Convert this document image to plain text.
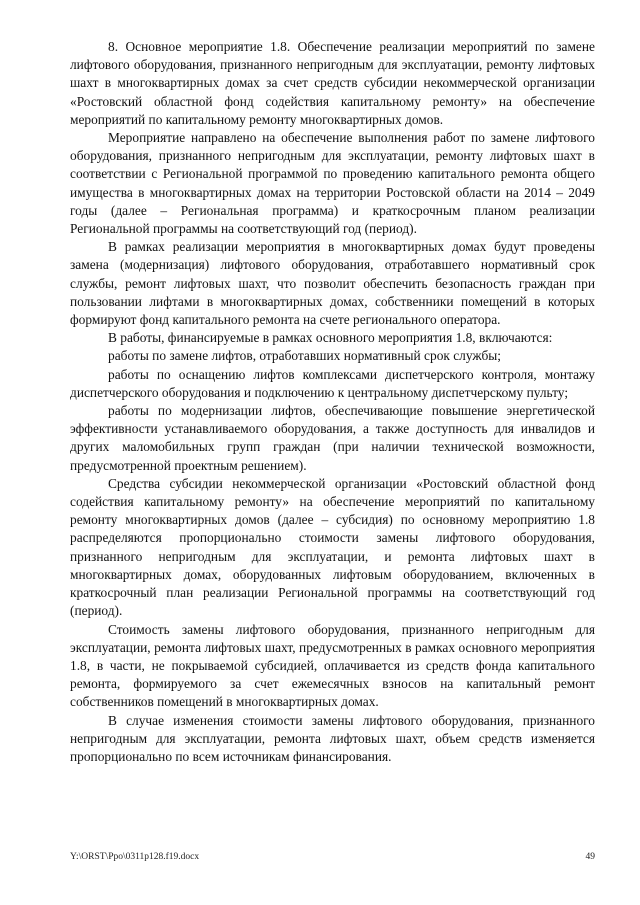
8. Основное мероприятие 1.8. Обеспечение реализации мероприятий по замене лифтового оборудования, признанного непригодным для эксплуатации, ремонту лифтовых шахт в многоквартирных домах за счет средств субсидии некоммерческой организации «Ростовский областной фонд содействия капитальному ремонту» на обеспечение мероприятий по капитальному ремонту многоквартирных домов.

Мероприятие направлено на обеспечение выполнения работ по замене лифтового оборудования, признанного непригодным для эксплуатации, ремонту лифтовых шахт в соответствии с Региональной программой по проведению капитального ремонта общего имущества в многоквартирных домах на территории Ростовской области на 2014 – 2049 годы (далее – Региональная программа) и краткосрочным планом реализации Региональной программы на соответствующий год (период).

В рамках реализации мероприятия в многоквартирных домах будут проведены замена (модернизация) лифтового оборудования, отработавшего нормативный срок службы, ремонт лифтовых шахт, что позволит обеспечить безопасность граждан при пользовании лифтами в многоквартирных домах, собственники помещений в которых формируют фонд капитального ремонта на счете регионального оператора.

В работы, финансируемые в рамках основного мероприятия 1.8, включаются:

работы по замене лифтов, отработавших нормативный срок службы;

работы по оснащению лифтов комплексами диспетчерского контроля, монтажу диспетчерского оборудования и подключению к центральному диспетчерскому пульту;

работы по модернизации лифтов, обеспечивающие повышение энергетической эффективности устанавливаемого оборудования, а также доступность для инвалидов и других маломобильных групп граждан (при наличии технической возможности, предусмотренной проектным решением).

Средства субсидии некоммерческой организации «Ростовский областной фонд содействия капитальному ремонту» на обеспечение мероприятий по капитальному ремонту многоквартирных домов (далее – субсидия) по основному мероприятию 1.8 распределяются пропорционально стоимости замены лифтового оборудования, признанного непригодным для эксплуатации, и ремонта лифтовых шахт в многоквартирных домах, оборудованных лифтовым оборудованием, включенных в краткосрочный план реализации Региональной программы на соответствующий год (период).

Стоимость замены лифтового оборудования, признанного непригодным для эксплуатации, ремонта лифтовых шахт, предусмотренных в рамках основного мероприятия 1.8, в части, не покрываемой субсидией, оплачивается из средств фонда капитального ремонта, формируемого за счет ежемесячных взносов на капитальный ремонт собственников помещений в многоквартирных домах.

В случае изменения стоимости замены лифтового оборудования, признанного непригодным для эксплуатации, ремонта лифтовых шахт, объем средств изменяется пропорционально по всем источникам финансирования.

Y:\ORST\Ppo\0311p128.f19.docx	49
